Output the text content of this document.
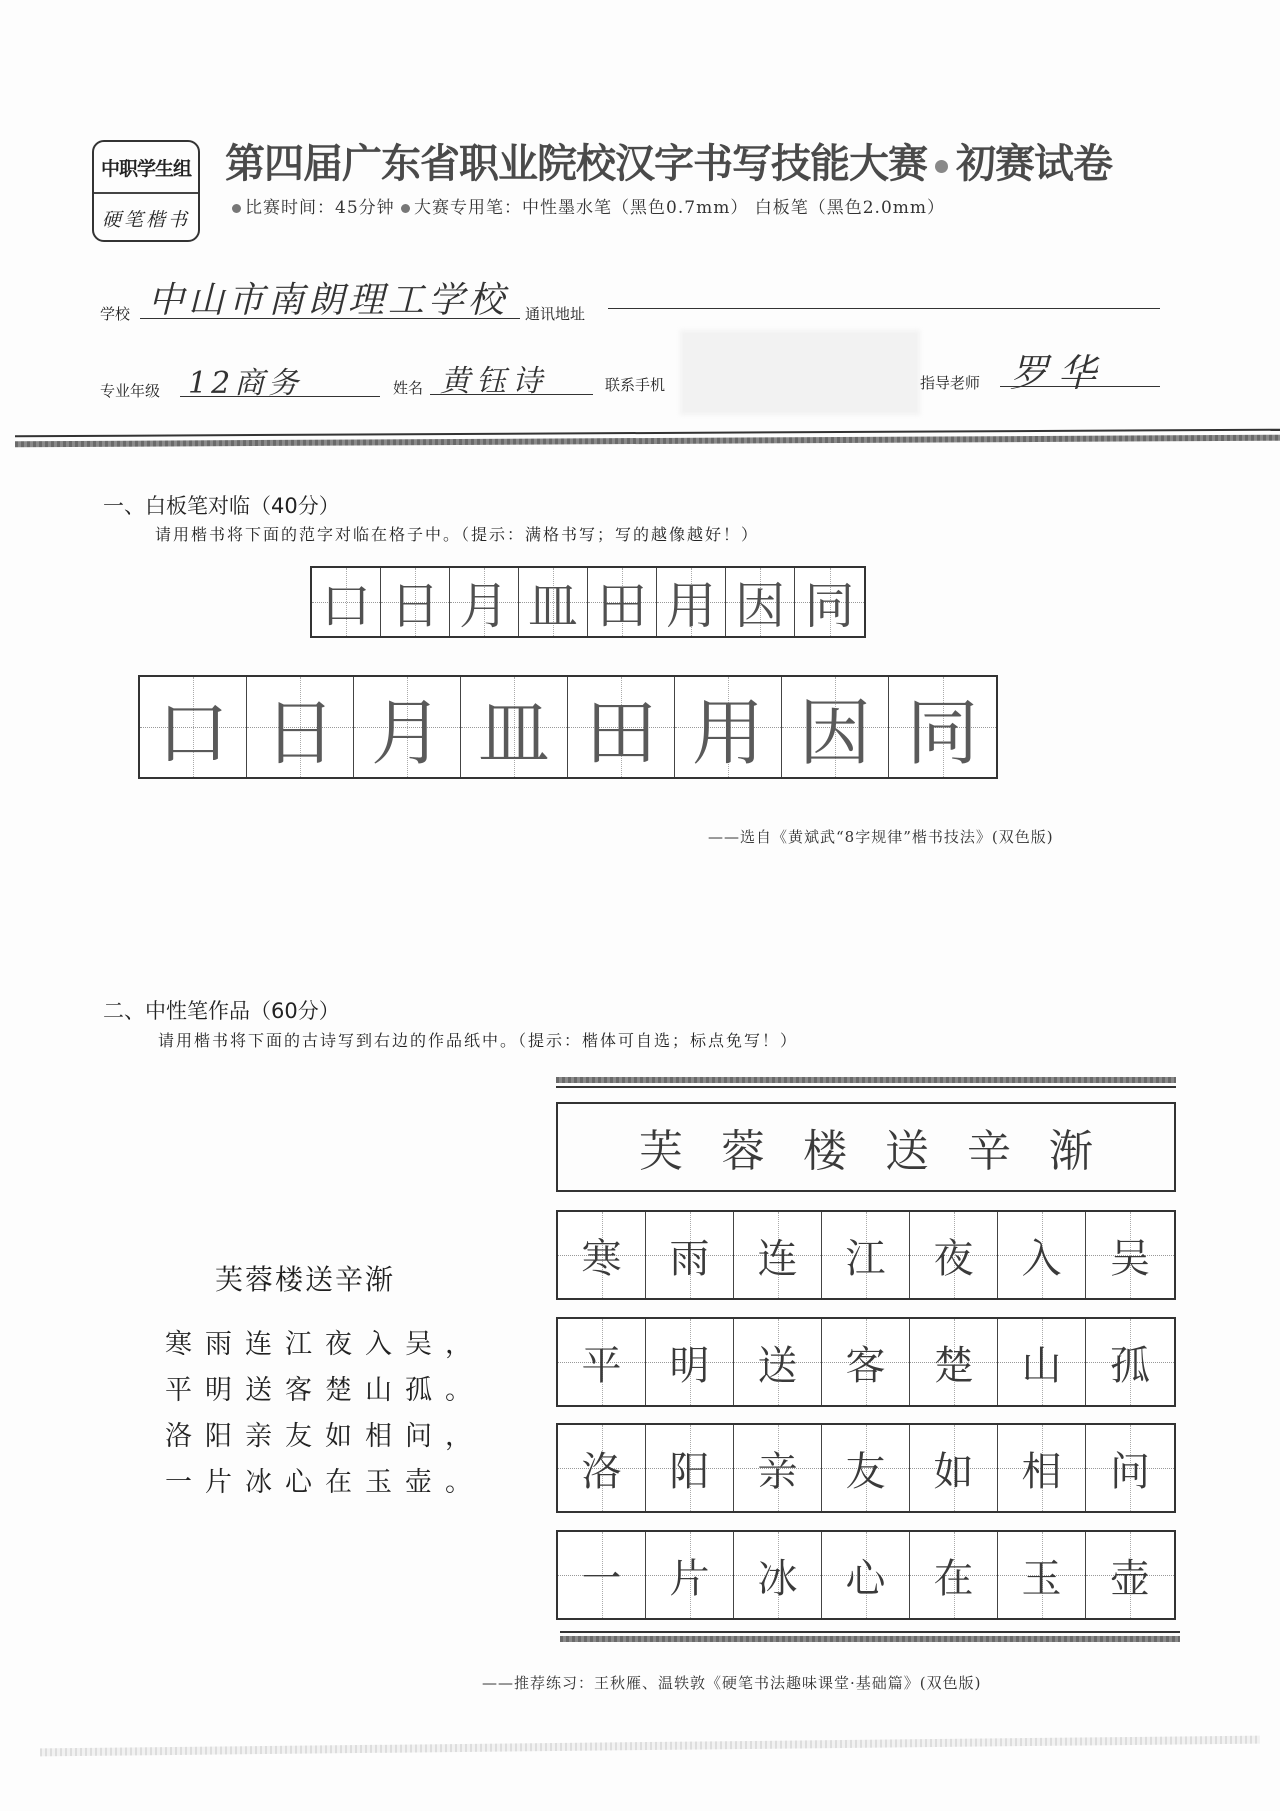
中职学生组
硬笔楷书
第四届广东省职业院校汉字书写技能大赛 初赛试卷
比赛时间：45分钟 大赛专用笔：中性墨水笔（黑色0.7mm） 白板笔（黑色2.0mm）
学校 中山市南朗理工学校 通讯地址
专业年级 12商务	姓名 黄钰诗	联系手机	指导老师 罗华
一、白板笔对临（40分）
请用楷书将下面的范字对临在格子中。（提示：满格书写；写的越像越好！）
口 日 月 皿 田 用 因 同
口 日 月 皿 田 用 因 同
——选自《黄斌武“8字规律”楷书技法》(双色版)
二、中性笔作品（60分）
请用楷书将下面的古诗写到右边的作品纸中。（提示：楷体可自选；标点免写！）
芙蓉楼送辛渐
寒雨连江夜入吴，
平明送客楚山孤。
洛阳亲友如相问，
一片冰心在玉壶。
芙 蓉 楼 送 辛 渐
寒 雨 连 江 夜 入 吴
平 明 送 客 楚 山 孤
洛 阳 亲 友 如 相 问
一 片 冰 心 在 玉 壶
——推荐练习：王秋雁、温轶敦《硬笔书法趣味课堂·基础篇》(双色版)
